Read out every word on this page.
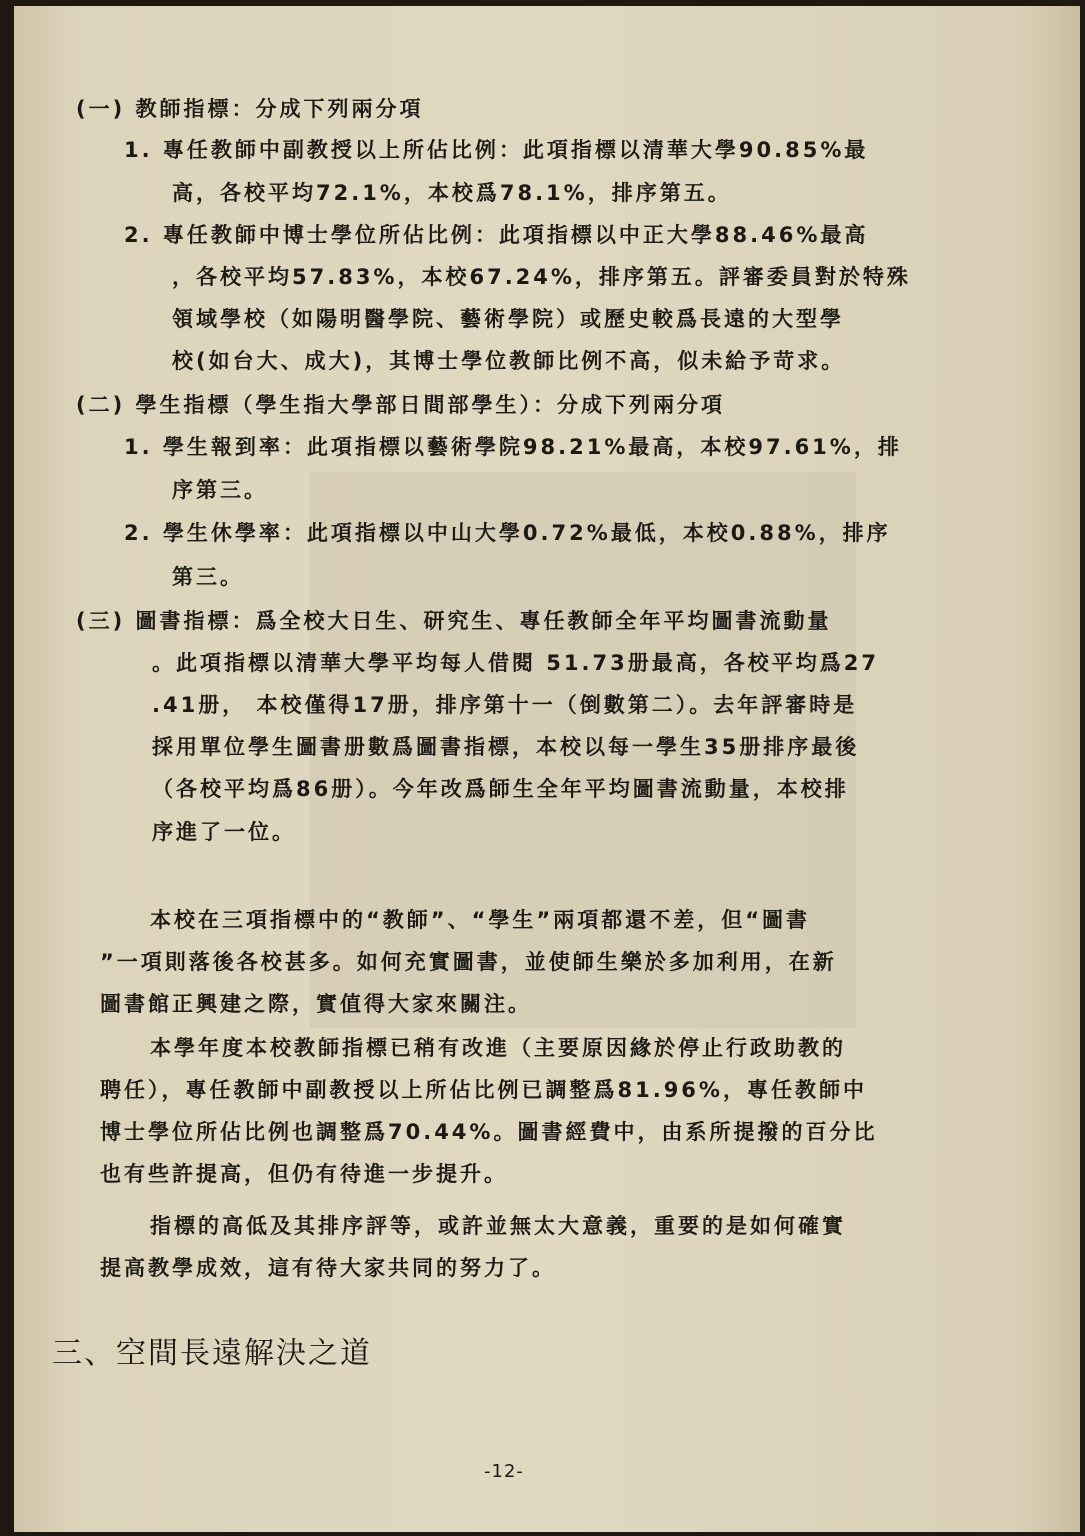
(一) 教師指標：分成下列兩分項

1. 專任教師中副教授以上所佔比例：此項指標以清華大學90.85%最

高，各校平均72.1%，本校爲78.1%，排序第五。

2. 專任教師中博士學位所佔比例：此項指標以中正大學88.46%最高

，各校平均57.83%，本校67.24%，排序第五。評審委員對於特殊

領域學校（如陽明醫學院、藝術學院）或歷史較爲長遠的大型學

校(如台大、成大)，其博士學位教師比例不高，似未給予苛求。

(二) 學生指標（學生指大學部日間部學生）：分成下列兩分項

1. 學生報到率：此項指標以藝術學院98.21%最高，本校97.61%，排

序第三。

2. 學生休學率：此項指標以中山大學0.72%最低，本校0.88%，排序

第三。

(三) 圖書指標：爲全校大日生、研究生、專任教師全年平均圖書流動量

。此項指標以清華大學平均每人借閱 51.73册最高，各校平均爲27

.41册， 本校僅得17册，排序第十一（倒數第二）。去年評審時是

採用單位學生圖書册數爲圖書指標，本校以每一學生35册排序最後

（各校平均爲86册）。今年改爲師生全年平均圖書流動量，本校排

序進了一位。

本校在三項指標中的“教師”、“學生”兩項都還不差，但“圖書

”一項則落後各校甚多。如何充實圖書，並使師生樂於多加利用，在新

圖書館正興建之際，實值得大家來關注。

本學年度本校教師指標已稍有改進（主要原因緣於停止行政助教的

聘任），專任教師中副教授以上所佔比例已調整爲81.96%，專任教師中

博士學位所佔比例也調整爲70.44%。圖書經費中，由系所提撥的百分比

也有些許提高，但仍有待進一步提升。

指標的高低及其排序評等，或許並無太大意義，重要的是如何確實

提高教學成效，這有待大家共同的努力了。

三、空間長遠解決之道

-12-
